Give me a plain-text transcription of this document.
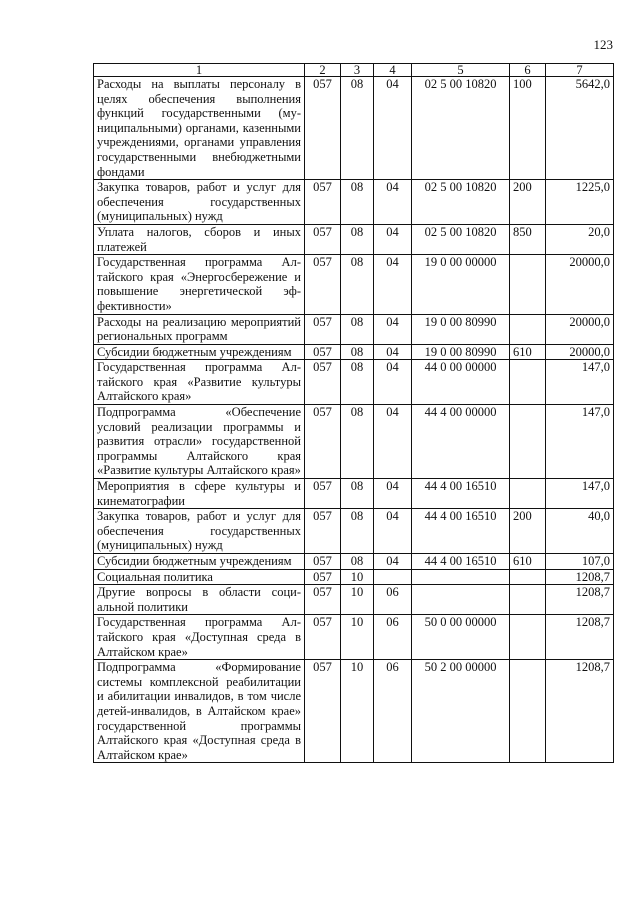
123
1	2	3	4	5	6	7
Расходы на выплаты персоналу в целях обеспечения выполнения функций государственными (муниципальными) органами, казенными учреждениями, органами управления государственными внебюджетными фондами	057	08	04	02 5 00 10820	100	5642,0
Закупка товаров, работ и услуг для обеспечения государственных (муниципальных) нужд	057	08	04	02 5 00 10820	200	1225,0
Уплата налогов, сборов и иных платежей	057	08	04	02 5 00 10820	850	20,0
Государственная программа Алтайского края «Энергосбережение и повышение энергетической эффективности»	057	08	04	19 0 00 00000		20000,0
Расходы на реализацию мероприятий региональных программ	057	08	04	19 0 00 80990		20000,0
Субсидии бюджетным учреждениям	057	08	04	19 0 00 80990	610	20000,0
Государственная программа Алтайского края «Развитие культуры Алтайского края»	057	08	04	44 0 00 00000		147,0
Подпрограмма «Обеспечение условий реализации программы и развития отрасли» государственной программы Алтайского края «Развитие культуры Алтайского края»	057	08	04	44 4 00 00000		147,0
Мероприятия в сфере культуры и кинематографии	057	08	04	44 4 00 16510		147,0
Закупка товаров, работ и услуг для обеспечения государственных (муниципальных) нужд	057	08	04	44 4 00 16510	200	40,0
Субсидии бюджетным учреждениям	057	08	04	44 4 00 16510	610	107,0
Социальная политика	057	10				1208,7
Другие вопросы в области социальной политики	057	10	06			1208,7
Государственная программа Алтайского края «Доступная среда в Алтайском крае»	057	10	06	50 0 00 00000		1208,7
Подпрограмма «Формирование системы комплексной реабилитации и абилитации инвалидов, в том числе детей-инвалидов, в Алтайском крае» государственной программы Алтайского края «Доступная среда в Алтайском крае»	057	10	06	50 2 00 00000		1208,7
